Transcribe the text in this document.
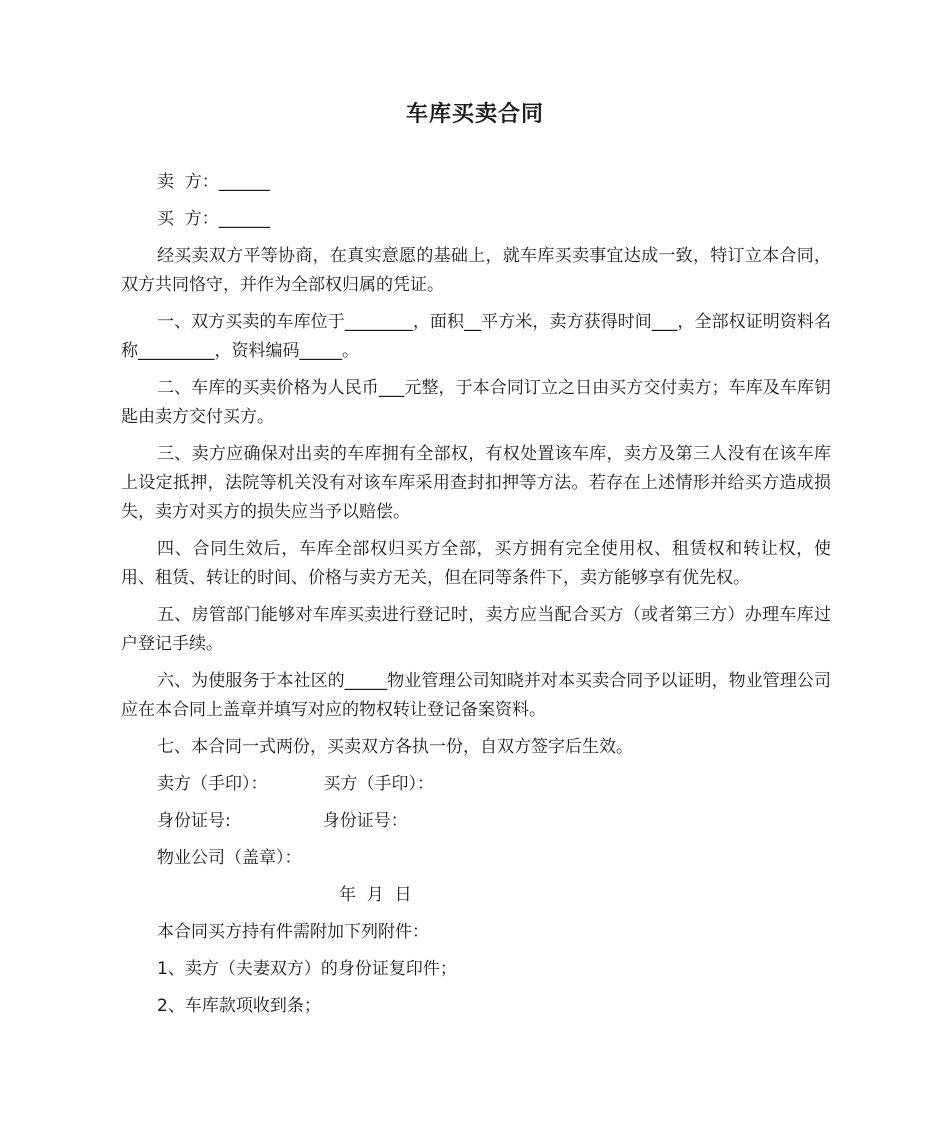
车库买卖合同

卖  方：______

买  方：______

经买卖双方平等协商，在真实意愿的基础上，就车库买卖事宜达成一致，特订立本合同，双方共同恪守，并作为全部权归属的凭证。

一、双方买卖的车库位于________，面积__平方米，卖方获得时间___，全部权证明资料名称_________，资料编码_____。

二、车库的买卖价格为人民币___元整，于本合同订立之日由买方交付卖方；车库及车库钥匙由卖方交付买方。

三、卖方应确保对出卖的车库拥有全部权，有权处置该车库，卖方及第三人没有在该车库上设定抵押，法院等机关没有对该车库采用查封扣押等方法。若存在上述情形并给买方造成损失，卖方对买方的损失应当予以赔偿。

四、合同生效后，车库全部权归买方全部，买方拥有完全使用权、租赁权和转让权，使用、租赁、转让的时间、价格与卖方无关，但在同等条件下，卖方能够享有优先权。

五、房管部门能够对车库买卖进行登记时，卖方应当配合买方（或者第三方）办理车库过户登记手续。

六、为使服务于本社区的_____物业管理公司知晓并对本买卖合同予以证明，物业管理公司应在本合同上盖章并填写对应的物权转让登记备案资料。

七、本合同一式两份，买卖双方各执一份，自双方签字后生效。

卖方（手印）：	买方（手印）：

身份证号:	身份证号：

物业公司（盖章）：

年  月  日

本合同买方持有件需附加下列附件：

1、卖方（夫妻双方）的身份证复印件；

2、车库款项收到条；
